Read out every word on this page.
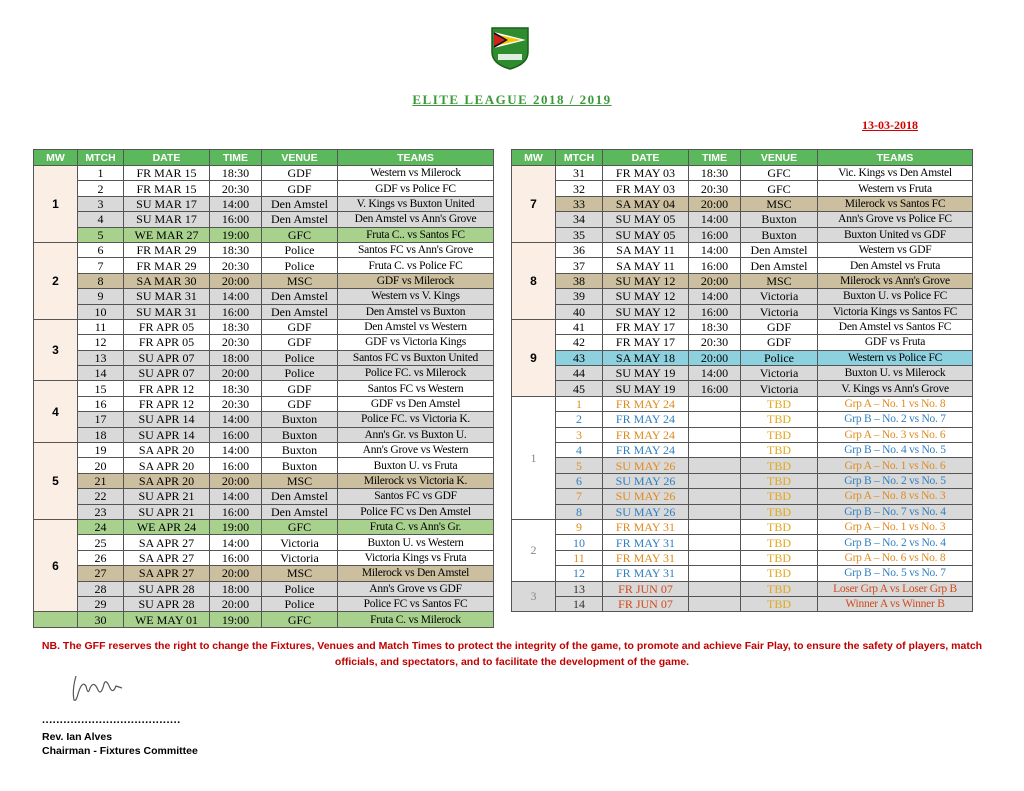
ELITE LEAGUE 2018 / 2019
13-03-2018
MW	MTCH	DATE	TIME	VENUE	TEAMS
1	1	FR MAR 15	18:30	GDF	Western vs Milerock
	2	FR MAR 15	20:30	GDF	GDF vs Police FC
	3	SU MAR 17	14:00	Den Amstel	V. Kings vs Buxton United
	4	SU MAR 17	16:00	Den Amstel	Den Amstel vs Ann's Grove
	5	WE MAR 27	19:00	GFC	Fruta C.. vs Santos FC
2	6	FR MAR 29	18:30	Police	Santos FC vs Ann's Grove
	7	FR MAR 29	20:30	Police	Fruta C. vs Police FC
	8	SA MAR 30	20:00	MSC	GDF vs Milerock
	9	SU MAR 31	14:00	Den Amstel	Western vs V. Kings
	10	SU MAR 31	16:00	Den Amstel	Den Amstel vs Buxton
3	11	FR APR 05	18:30	GDF	Den Amstel vs Western
	12	FR APR 05	20:30	GDF	GDF vs Victoria Kings
	13	SU APR 07	18:00	Police	Santos FC vs Buxton United
	14	SU APR 07	20:00	Police	Police FC. vs Milerock
4	15	FR APR 12	18:30	GDF	Santos FC vs Western
	16	FR APR 12	20:30	GDF	GDF vs Den Amstel
	17	SU APR 14	14:00	Buxton	Police FC. vs Victoria K.
	18	SU APR 14	16:00	Buxton	Ann's Gr. vs Buxton U.
5	19	SA APR 20	14:00	Buxton	Ann's Grove vs Western
	20	SA APR 20	16:00	Buxton	Buxton U. vs Fruta
	21	SA APR 20	20:00	MSC	Milerock vs Victoria K.
	22	SU APR 21	14:00	Den Amstel	Santos FC vs GDF
	23	SU APR 21	16:00	Den Amstel	Police FC vs Den Amstel
6	24	WE APR 24	19:00	GFC	Fruta C. vs Ann's Gr.
	25	SA APR 27	14:00	Victoria	Buxton U. vs Western
	26	SA APR 27	16:00	Victoria	Victoria Kings vs Fruta
	27	SA APR 27	20:00	MSC	Milerock vs Den Amstel
	28	SU APR 28	18:00	Police	Ann's Grove vs GDF
	29	SU APR 28	20:00	Police	Police FC vs Santos FC
	30	WE MAY 01	19:00	GFC	Fruta C. vs Milerock
MW	MTCH	DATE	TIME	VENUE	TEAMS
7	31	FR MAY 03	18:30	GFC	Vic. Kings vs Den Amstel
	32	FR MAY 03	20:30	GFC	Western vs Fruta
	33	SA MAY 04	20:00	MSC	Milerock vs Santos FC
	34	SU MAY 05	14:00	Buxton	Ann's Grove vs Police FC
	35	SU MAY 05	16:00	Buxton	Buxton United vs GDF
8	36	SA MAY 11	14:00	Den Amstel	Western vs GDF
	37	SA MAY 11	16:00	Den Amstel	Den Amstel vs Fruta
	38	SU MAY 12	20:00	MSC	Milerock vs Ann's Grove
	39	SU MAY 12	14:00	Victoria	Buxton U. vs Police FC
	40	SU MAY 12	16:00	Victoria	Victoria Kings vs Santos FC
9	41	FR MAY 17	18:30	GDF	Den Amstel vs Santos FC
	42	FR MAY 17	20:30	GDF	GDF vs Fruta
	43	SA MAY 18	20:00	Police	Western vs Police FC
	44	SU MAY 19	14:00	Victoria	Buxton U. vs Milerock
	45	SU MAY 19	16:00	Victoria	V. Kings vs Ann's Grove
1	1	FR MAY 24		TBD	Grp A – No. 1 vs No. 8
	2	FR MAY 24		TBD	Grp B – No. 2 vs No. 7
	3	FR MAY 24		TBD	Grp A – No. 3 vs No. 6
	4	FR MAY 24		TBD	Grp B – No. 4 vs No. 5
	5	SU MAY 26		TBD	Grp A – No. 1 vs No. 6
	6	SU MAY 26		TBD	Grp B – No. 2 vs No. 5
	7	SU MAY 26		TBD	Grp A – No. 8 vs No. 3
	8	SU MAY 26		TBD	Grp B – No. 7 vs No. 4
2	9	FR MAY 31		TBD	Grp A – No. 1 vs No. 3
	10	FR MAY 31		TBD	Grp B – No. 2 vs No. 4
	11	FR MAY 31		TBD	Grp A – No. 6 vs No. 8
	12	FR MAY 31		TBD	Grp B – No. 5 vs No. 7
3	13	FR JUN 07		TBD	Loser Grp A vs Loser Grp B
	14	FR JUN 07		TBD	Winner A vs Winner B
NB. The GFF reserves the right to change the Fixtures, Venues and Match Times to protect the integrity of the game, to promote and achieve Fair Play, to ensure the safety of players, match officials, and spectators, and to facilitate the development of the game.
.......................................
Rev. Ian Alves
Chairman - Fixtures Committee
